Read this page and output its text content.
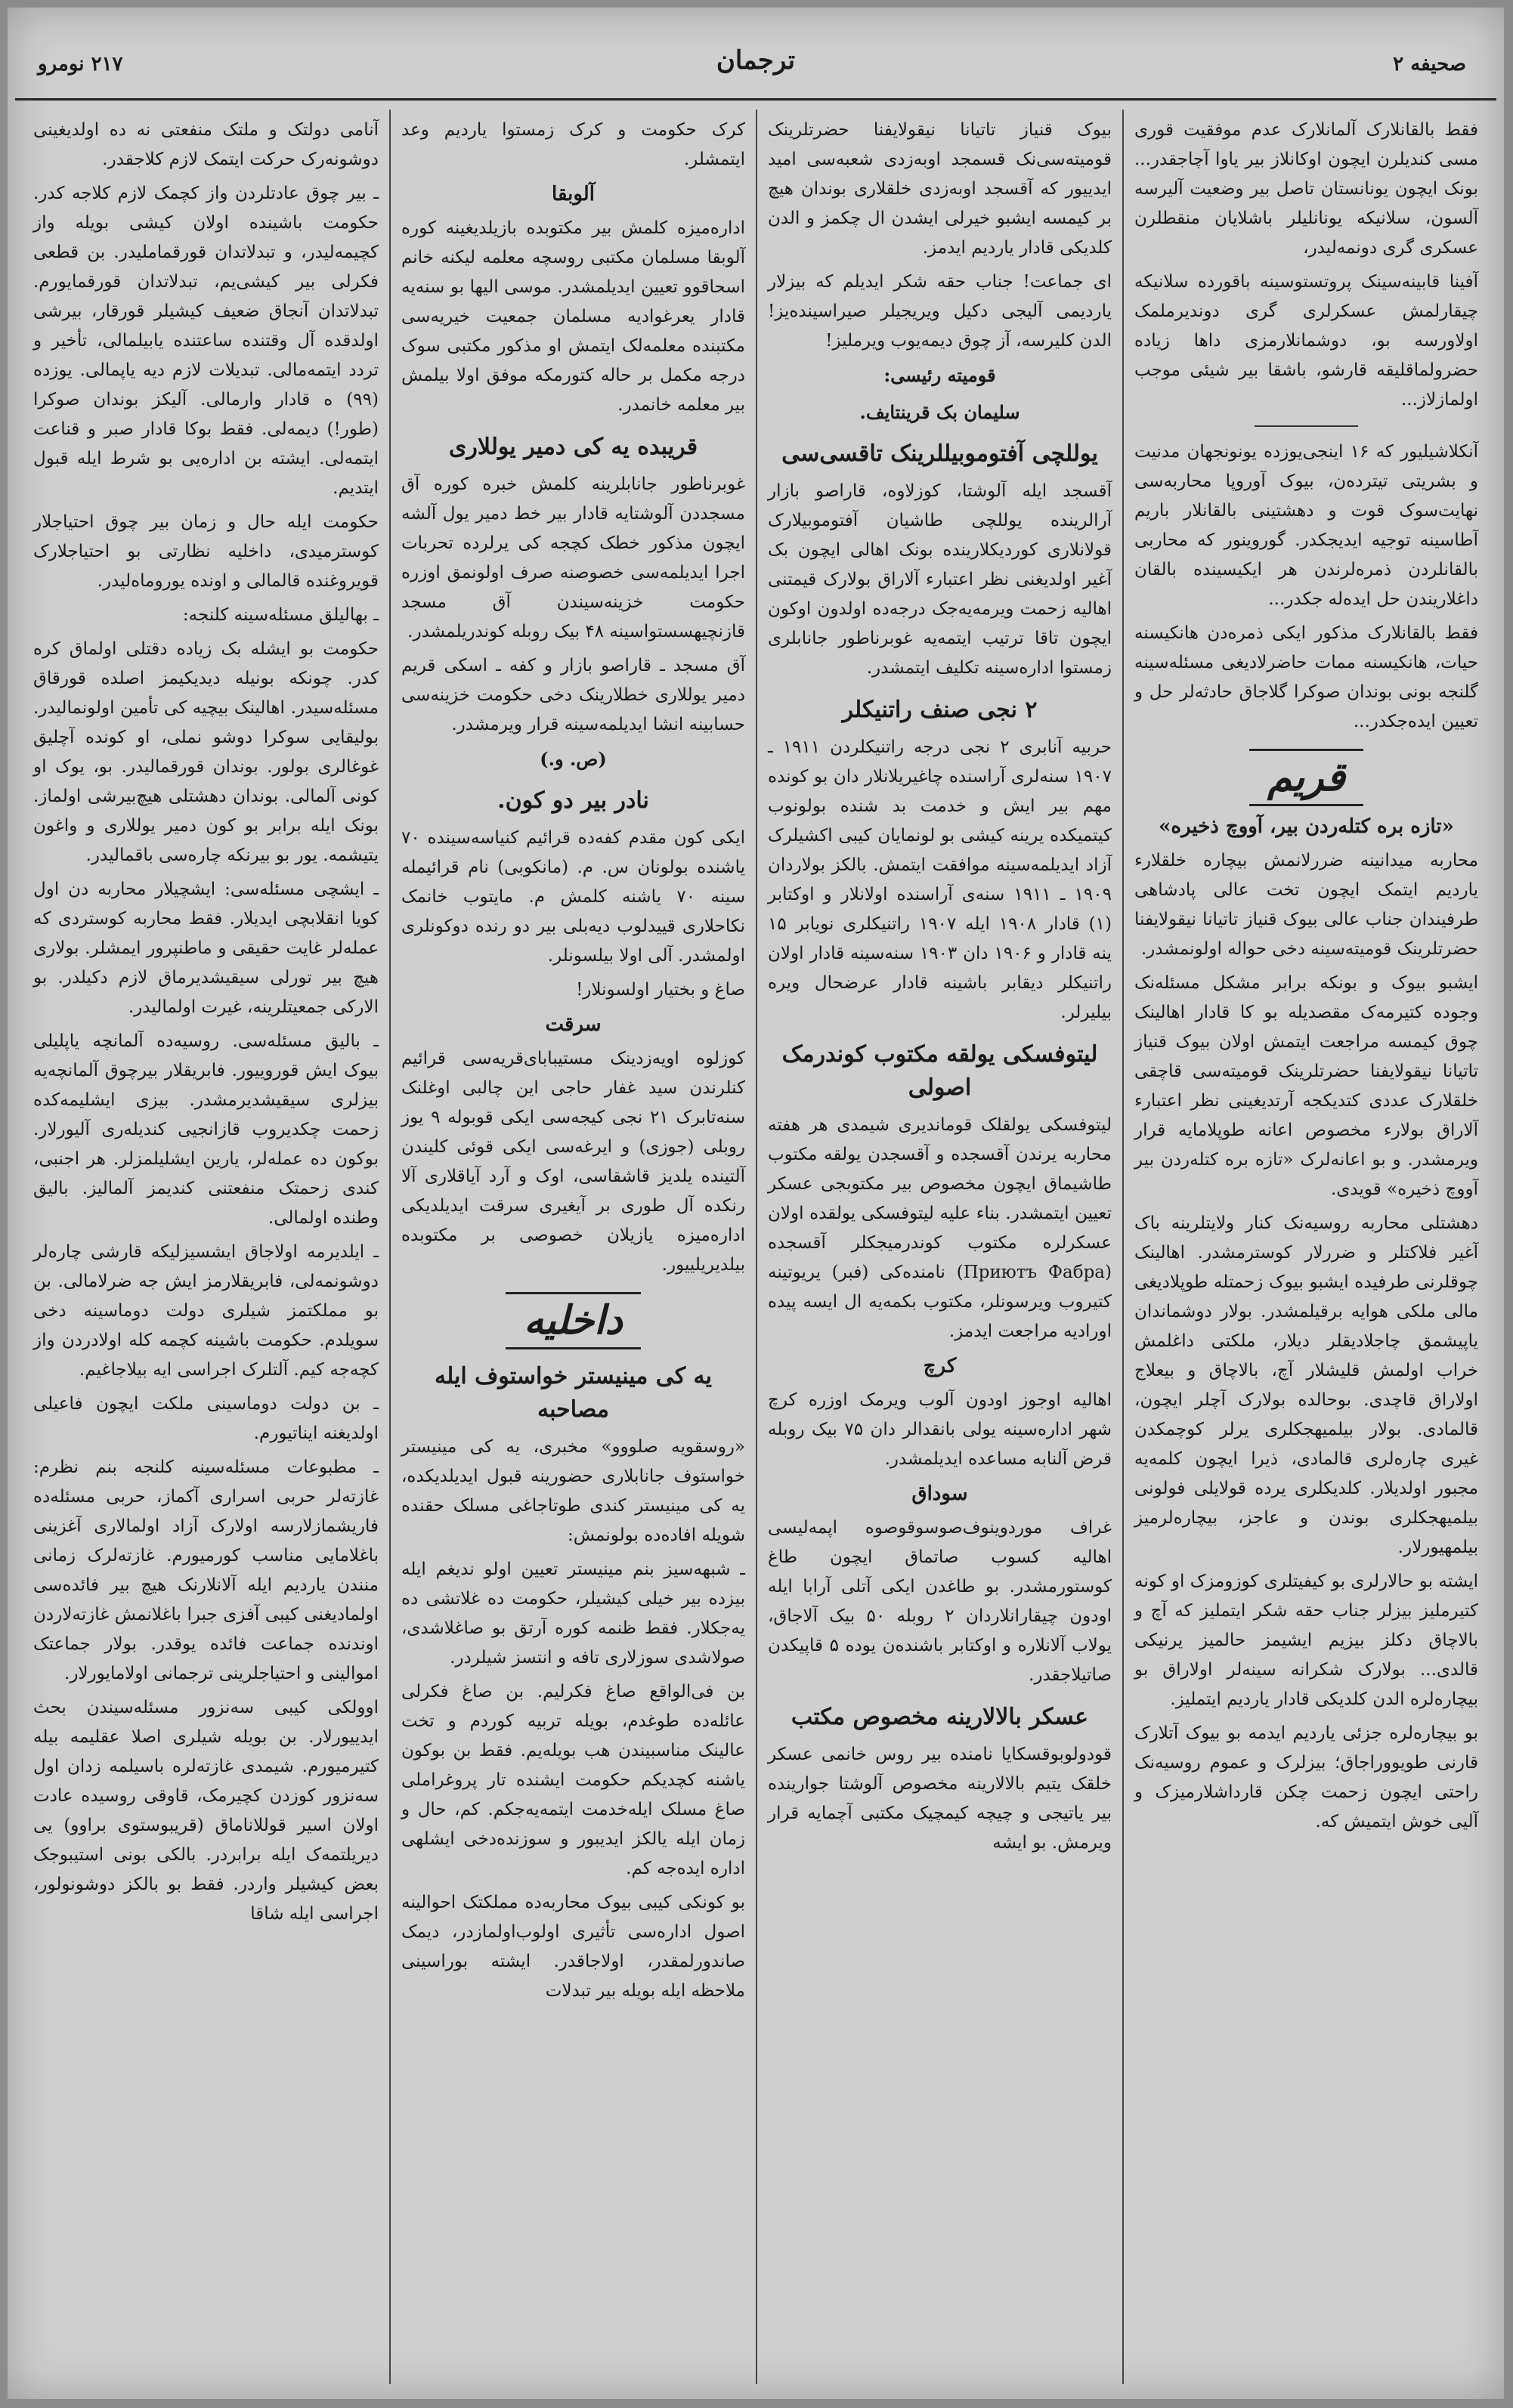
صحیفه ۲
ترجمان
۲۱۷ نومرو

فقط بالقانلارک آلمانلارک عدم موفقیت قوری مسی کندیلرن ایچون اوکانلاز بیر یاوا آچاجقدر... بونک ایچون یونانستان تاصل بیر وضعیت آلیرسه آلسون، سلانیکه یونانلیلر باشلایان منقطلرن عسکری گری دونمه‌لیدر،

آفینا قابینه‌سینک پروتستوسینه باقورده سلانیکه چیقارلمش عسکرلری گری دوندیرملمک اولاورسه بو، دوشمانلارمزی داها زیاده حضرولماقلیقه قارشو، باشقا بیر شیئی موجب اولمازلاز...

آنکلاشیلیور که ۱۶ اینجی‌یوزده یونونجهان مدنیت و بشریتی تیترده‌ن، بیوک آوروپا محاربه‌سی نهایت‌سوک قوت و دهشتینی بالقانلار باریم آطاسینه توجیه ایدیجکدر. گوروینور که محاربی بالقانلردن ذمره‌لرندن هر ایکیسینده بالقان داغلاریندن حل ایده‌له جکدر...

فقط بالقانلارک مذکور ایکی ذمره‌دن هانکیسنه حیات، هانکیسنه ممات حاضرلادیغی مسئله‌سینه گلنجه بونی بوندان صوکرا گلاجاق حادثه‌لر حل و تعیین ایده‌جکدر...

قریم
«تازه بره کتله‌ردن بیر، آووچ ذخیره»

محاربه میدانینه ضررلانمش بیچاره خلقلارء یاردیم ایتمک ایچون تخت عالی پادشاهی طرفیندان جناب عالی بیوک قنیاز تاتیانا نیقولایفنا حضرتلرینک قومیته‌سینه دخی حواله اولونمشدر.

ایشبو بیوک و بونکه برابر مشکل مسئله‌نک وجوده کتیرمه‌ک مقصدیله بو کا قادار اهالینک چوق کیمسه مراجعت ایتمش اولان بیوک قنیاز تاتیانا نیقولایفنا حضرتلرینک قومیته‌سی قاچقی خلقلارک عددی کتدیکجه آرتدیغینی نظر اعتبارء آلاراق بولارء مخصوص اعانه طوپلامایه قرار ویرمشدر. و بو اعانه‌لرک «تازه بره کتله‌ردن بیر آووچ ذخیره» قویدی.

دهشتلی محاربه روسیه‌نک کنار ولایتلرینه باک آغیر فلاکتلر و ضررلار کوسترمشدر. اهالینک چوقلرنی طرفیده ایشبو بیوک زحمتله طوپلادیغی مالی ملکی هوایه برقیلمشدر. بولار دوشماندان یاپیشمق چاجلادیقلر دیلار، ملکتی داغلمش خراب اولمش قلیشلار آچ، بالاچاق و بیعلاج اولاراق قاچدی. بوحالده بولارک آچلر ایچون، قالمادی. بولار بیلمیهجکلری یرلر کوچمکدن غیری چاره‌لری قالمادی، ذیرا ایچون کلمه‌یه مجبور اولدیلار. کلدیکلری یرده قولایلی فولونی بیلمیهجکلری بوندن و عاجز، بیچاره‌لرمیز بیلمهیورلار.

ایشته بو حالارلری بو کیفیتلری کوزومزک او کونه کتیرملیز بیزلر جناب حقه شکر ایتملیز که آچ و بالاچاق دکلز بیزیم ایشیمز حالمیز یرنیکی قالدی... بولارک شکرانه سینه‌لر اولاراق بو بیچاره‌لره الدن کلدیکی قادار یاردیم ایتملیز.

بو بیچاره‌لره جزئی یاردیم ایدمه بو بیوک آتلارک قارنی طویووراجاق؛ بیزلرک و عموم روسیه‌نک راحتی ایچون زحمت چکن قارداشلارمیزک و آلیی خوش ایتمیش که.

بیوک قنیاز تاتیانا نیقولایفنا حضرتلرینک قومیته‌سی‌نک قسمجد اوبه‌زدی شعبه‌سی امید ایدییور که آقسجد اوبه‌زدی خلقلاری بوندان هیچ بر کیمسه ایشبو خیرلی ایشدن ال چکمز و الدن کلدیکی قادار یاردیم ایدمز.

ای جماعت! جناب حقه شکر ایدیلم که بیزلار یاردیمی آلیجی دکیل ویریجیلر صیراسینده‌یز! الدن کلیرسه، آز چوق دیمه‌یوب ویرملیز!

قومیته رئیسی:
سلیمان بک قرینتایف.
یوللچی آفتوموبیللرینک تاقسی‌سی

آقسجد ایله آلوشتا، کوزلاوه، قاراصو بازار آرالرینده یوللچی طاشیان آفتوموبیلارک قولانلاری کوردیکلارینده بونک اهالی ایچون بک آغیر اولدیغنی نظر اعتبارء آلاراق بولارک قیمتنی اهالیه زحمت ویرمه‌یه‌جک درجه‌ده اولدون اوکون ایچون تاقا ترتیب ایتمه‌یه غوبرناطور جانابلری زمستوا اداره‌سینه تکلیف ایتمشدر.

۲ نجی صنف راتنیکلر

حربیه آنابری ۲ نجی درجه راتنیکلردن ۱۹۱۱ ـ ۱۹۰۷ سنه‌لری آراسنده چاغیریلانلار دان بو کونده مهم بیر ایش و خدمت بد شنده بولونوب کیتمیکده یرینه کیشی بو لونمایان کیبی اکشیلرک آزاد ایدیلمه‌سینه موافقت ایتمش. بالکز بولاردان ۱۹۰۹ ـ ۱۹۱۱ سنه‌ی آرا‌سنده اولانلار و اوکتابر (۱) قادار ۱۹۰۸ ایله ۱۹۰۷ راتنیکلری نویابر ۱۵ ینه قادار و ۱۹۰۶ دان ۱۹۰۳ سنه‌سینه قادار اولان راتنیکلر دیقابر باشینه قادار عرضحال ویره بیلیرلر.

لیتوفسکی یولقه مکتوب کوندرمک اصولی

لیتوفسکی یولقلک قوماندیری شیمدی هر هفته محاربه یرندن آقسجده و آقسجدن یولقه مکتوب طاشیماق ایچون مخصوص بیر مکتوبجی عسکر تعیین ایتمشدر. بناء علیه لیتوفسکی یولقده اولان عسکرلره مکتوب کوندرمیجکلر آقسجده (Приютъ Фабра) نامنده‌کی (فبر) یریوتینه کتیروب ویرسونلر، مکتوب بکمه‌یه ال ایسه پیده اورادیه مراجعت ایدمز.

کرچ

اهالیه اوجوز اودون آلوب ویرمک اوزره کرچ شهر اداره‌سینه یولی بانقدالر دان ۷۵ بیک روبله قرض آلنابه مساعده ایدیلمشدر.

سوداق

غراف موردوینوف‌صوسوقوصوه اپمه‌لیسی اهالیه کسوب صاتماق ایچون طاغ کوستورمشدر. بو طاغدن ایکی آتلی آرابا ایله اودون چیقارانلاردان ۲ روبله ۵۰ بیک آلاجاق، یولاب آلانلاره و اوکتابر باشنده‌ن یوده ۵ قاپیکدن صاتیلاجقدر.

عسکر بالالارینه مخصوص مکتب

قودولوبوقسکایا نامنده بیر روس خانمی عسکر خلقک یتیم بالالارینه مخصوص آلوشتا جوارینده بیر یاتیجی و چیچه کیمچیک مکتبی آچمایه قرار ویرمش. بو ایشه

کرک حکومت و کرک زمستوا یاردیم وعد ایتمشلر.

آلوبقا

اداره‌میزه کلمش بیر مکتوبده بازیلدیغینه کوره آلوبقا مسلمان مکتبی روسچه معلمه لیکنه خانم اسحاقوو تعیین ایدیلمشدر. موسی الیها بو سنه‌یه قادار یعرغوادیه مسلمان جمعیت خیریه‌سی مکتبنده معلمه‌لک ایتمش او مذکور مکتبی سوک درجه مکمل بر حاله کتورمکه موفق اولا بیلمش بیر معلمه خانمدر.

قریبده یه کی دمیر یوللاری

غوبرناطور جانابلرینه کلمش خبره کوره آق مسجددن آلوشتایه قادار بیر خط دمیر یول آلشه ایچون مذکور خطک کچجه کی یرلرده تحربات اجرا ایدیلمه‌سی خصوصنه صرف اولونمق اوزره حکومت خزینه‌سیندن آق مسجد قازنچیهسستواسینه ۴۸ بیک روبله کوندریلمشدر.

آق مسجد ـ قاراصو بازار و کفه ـ اسکی قریم دمیر یوللاری خطلارینک دخی حکومت خزینه‌سی حسابینه انشا ایدیلمه‌سینه قرار ویرمشدر.

(ص. و.)
نادر بیر دو کون.

ایکی کون مقدم کفه‌ده قرائیم کنیاسه‌سینده ۷۰ یاشنده بولونان س. م. (مانکوبی) نام قرائیمله سینه ۷۰ یاشنه کلمش م. مایتوب خانمک نکاحلاری قییدلوب دیه‌بلی بیر دو رنده دوکونلری اولمشدر. آلی اولا بیلسونلر.

صاغ و بختیار اولسونلار!

سرقت

کوزلوه اویه‌زدینک مستیبابای‌قریه‌سی قرائیم کنلرندن سید غفار حاجی این چالبی اوغلنک سنه‌تابرک ۲۱ نجی کیجه‌سی ایکی قوبوله ۹ یوز روبلی (جوزی) و ایرغه‌سی ایکی قوئی کلیندن آلتینده یلدیز قاشقاسی، اوک و آرد آیاقلاری آلا رنکده آل طوری بر آیغیری سرقت ایدیلدیکی اداره‌میزه یازیلان خصوصی بر مکتوبده بیلدیریلییور.

داخلیه
یه کی مینیستر خواستوف ایله مصاحبه

«روسقویه صلووو» مخبری، یه کی مینیستر خواستوف جانابلاری حضورینه قبول ایدیلدیکده، یه کی مینیستر کندی طوتاجاغی مسلک حقنده شویله افاده‌ده بولونمش:

ـ شبهه‌سیز بنم مینیستر تعیین اولو ندیغم ایله بیزده بیر خیلی کیشیلر، حکومت ده غلاتشی ده یه‌جکلار. فقط ظنمه کوره آرتق بو صاغلاشدی، صولاشدی سوزلاری تافه و انتسز شیلردر.

بن فی‌الواقع صاغ فکرلیم. بن صاغ فکرلی عائله‌ده طوغدم، بویله تربیه کوردم و تخت عالینک مناسبیندن هب بویله‌یم. فقط بن بوکون یاشنه کچدیکم حکومت ایشنده تار پروغراملی صاغ مسلک ایله‌خدمت ایتمه‌یه‌جکم. کم، حال و زمان ایله یالکز ایدیبور و سوزنده‌دخی ایشلهی اداره ایده‌جه کم.

بو کونکی کیبی بیوک محاربه‌ده مملکتک احوالینه اصول اداره‌سی تأثیری اولوب‌اولمازدر، دیمک صاندورلمقدر، اولاجاقدر. ایشته بوراسینی ملاحظه ایله بویله بیر تبدلات

آنامی دولتک و ملتک منفعتی نه ده اولدیغینی دوشونه‌رک حرکت ایتمک لازم کلاجقدر.

ـ بیر چوق عادتلردن واز کچمک لازم کلاجه کدر. حکومت باشینده اولان کیشی بویله واز کچیمه‌لیدر، و تبدلاتدان قورقماملیدر. بن قطعی فکرلی بیر کیشی‌یم، تبدلاتدان قورقمایورم. تبدلاتدان آنجاق ضعیف کیشیلر قورقار، بیرشی اولدقده آل وقتنده ساعتنده یابیلمالی، تأخیر و تردد ایتمه‌مالی. تبدیلات لازم دیه یاپمالی. یوزده (۹۹) ه قادار وارمالی. آلیکز بوندان صوکرا (طور!) دیمه‌لی. فقط بوکا قادار صبر و قناعت ایتمه‌لی. ایشته بن اداره‌یی بو شرط ایله قبول ایتدیم.

حکومت ایله حال و زمان بیر چوق احتیاجلار کوسترمیدی، داخلیه نظارتی بو احتیاجلارک قویروغنده قالمالی و اونده یوروماه‌لیدر.

ـ بهالیلق مسئله‌سینه کلنجه:

حکومت بو ایشله بک زیاده دقتلی اولماق کره کدر. چونکه بونیله دیدیکیمز اصلده قورقاق مسئله‌سیدر. اهالینک بیچیه کی تأمین اولونمالیدر. بولیقایی سوکرا دوشو نملی، او کونده آچلیق غوغالری بولور. بوندان قورقمالیدر. بو، یوک او کونی آلمالی. بوندان دهشتلی هیچ‌بیرشی اولماز. بونک ایله برابر بو کون دمیر یوللاری و واغون یتیشمه. یور بو بیرنکه چاره‌سی باقمالیدر.

ـ ایشچی مسئله‌سی: ایشچیلار محاربه دن اول کویا انقلابچی ایدیلار. فقط محاربه کوستردی که عمله‌لر غایت حقیقی و ماطنپرور ایمشلر. بولاری هیچ بیر تورلی سیقیشدیرماق لازم دکیلدر. بو الارکی جمعیتلرینه، غیرت اولمالیدر.

ـ بالیق مسئله‌سی. روسیه‌ده آلمانچه یاپلیلی بیوک ایش قوروییور. فابریقلار بیرچوق آلمانچه‌یه بیزلری سیقیشدیرمشدر. بیزی ایشلیمه‌کده زحمت چکدیروب قازانجیی کندیله‌ری آلیورلار. بوکون ده عمله‌لر، یارین ایشلیلمزلر. هر اجنبی، کندی زحمتک منفعتنی کندیمز آلمالیز. بالیق وطنده اولمالی.

ـ ایلدیرمه اولاجاق ایشسیزلیکه قارشی چاره‌لر دوشونمه‌لی، فابریقلارمز ایش جه ضرلامالی. بن بو مملکتمز شیلری دولت دوماسینه دخی سویلدم. حکومت باشینه کچمه کله اولادردن واز کچه‌جه کیم. آلتلرک اجراسی ایه بیلاجاغیم.

ـ بن دولت دوماسینی ملکت ایچون فاعیلی اولدیغنه ایناتیورم.

ـ مطبوعات مسئله‌سینه کلنجه بنم نظرم: غازته‌لر حربی اسراری آکماز، حربی مسئله‌ده فاریشمازلارسه اولارک آزاد اولمالاری آغزینی باغلامایی مناسب کورمیورم. غازته‌لرک زمانی منندن یاردیم ایله آلانلارنک هیچ بیر فائده‌سی اولمادیغنی کیبی آفزی جبرا باغلانمش غازته‌لاردن اوندنده جماعت فائده یوقدر. بولار جماعتک اموالینی و احتیاجلرینی ترجمانی اولامایورلار.

اوولکی کیبی سه‌نزور مسئله‌سیندن بحث ایدییورلار. بن بویله شیلری اصلا عقلیمه بیله کتیرمیورم. شیمدی غازته‌لره باسیلمه زدان اول سه‌نزور کوزدن کچیرمک، قاوقی روسیده عادت اولان اسیر قوللاناماق (قریبوستوی براوو) یی دیریلتمه‌ک ایله برابردر. بالکی بونی استیبوجک بعض کیشیلر واردر. فقط بو بالکز دوشونولور، اجراسی ایله شاقا
